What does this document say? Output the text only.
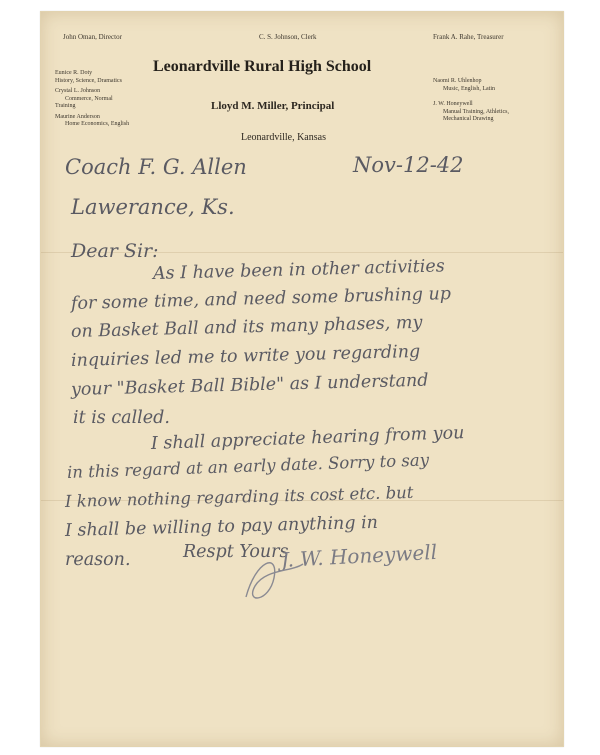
John Oman, Director	C. S. Johnson, Clerk	Frank A. Rahe, Treasurer
Leonardville Rural High School
Lloyd M. Miller, Principal
Leonardville, Kansas
Eunice R. Doty
History, Science, Dramatics
Crystal L. Johnson
Commerce, Normal
Training
Maurine Anderson
Home Economics, English
Naomi R. Uhlenhop
Music, English, Latin
J. W. Honeywell
Manual Training, Athletics,
Mechanical Drawing
Coach F. G. Allen	Nov-12-42
Lawerance, Ks.
Dear Sir:
As I have been in other activities
for some time, and need some brushing up
on Basket Ball and its many phases, my
inquiries led me to write you regarding
your "Basket Ball Bible" as I understand
it is called.
I shall appreciate hearing from you
in this regard at an early date. Sorry to say
I know nothing regarding its cost etc. but
I shall be willing to pay anything in
reason.	Respt Yours
J. W. Honeywell
